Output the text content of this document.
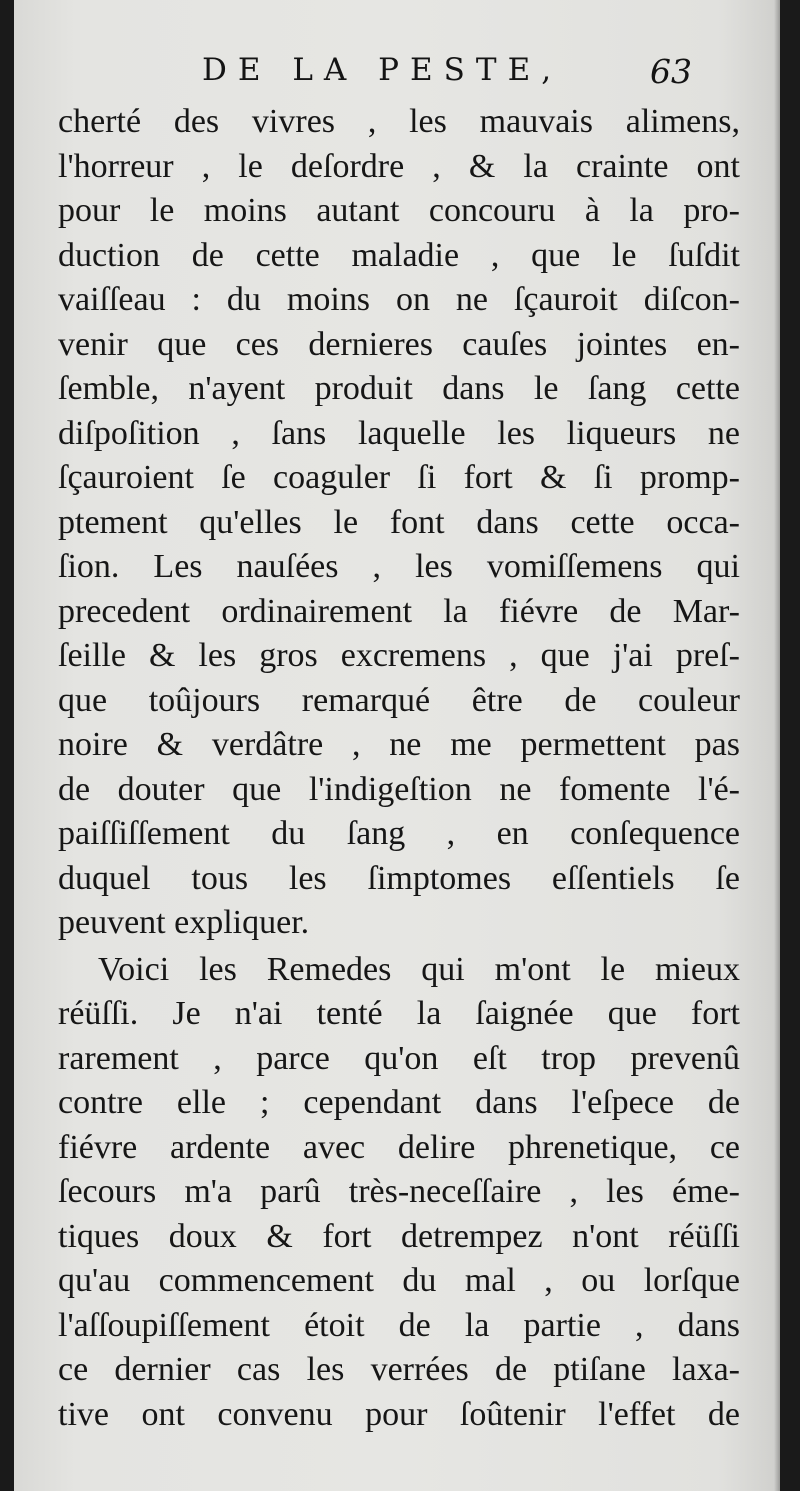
DE LA PESTE,	63
cherté des vivres , les mauvais alimens,
l'horreur , le deſordre , & la crainte ont
pour le moins autant concouru à la pro-
duction de cette maladie , que le ſuſdit
vaiſſeau : du moins on ne ſçauroit diſcon-
venir que ces dernieres cauſes jointes en-
ſemble, n'ayent produit dans le ſang cette
diſpoſition , ſans laquelle les liqueurs ne
ſçauroient ſe coaguler ſi fort & ſi promp-
ptement qu'elles le font dans cette occa-
ſion. Les nauſées , les vomiſſemens qui
precedent ordinairement la fiévre de Mar-
ſeille & les gros excremens , que j'ai preſ-
que toûjours remarqué être de couleur
noire & verdâtre , ne me permettent pas
de douter que l'indigeſtion ne fomente l'é-
paiſſiſſement du ſang , en conſequence
duquel tous les ſimptomes eſſentiels ſe
peuvent expliquer.
Voici les Remedes qui m'ont le mieux
réüſſi. Je n'ai tenté la ſaignée que fort
rarement , parce qu'on eſt trop prevenû
contre elle ; cependant dans l'eſpece de
fiévre ardente avec delire phrenetique, ce
ſecours m'a parû très-neceſſaire , les éme-
tiques doux & fort detrempez n'ont réüſſi
qu'au commencement du mal , ou lorſque
l'aſſoupiſſement étoit de la partie , dans
ce dernier cas les verrées de ptiſane laxa-
tive ont convenu pour ſoûtenir l'effet de
